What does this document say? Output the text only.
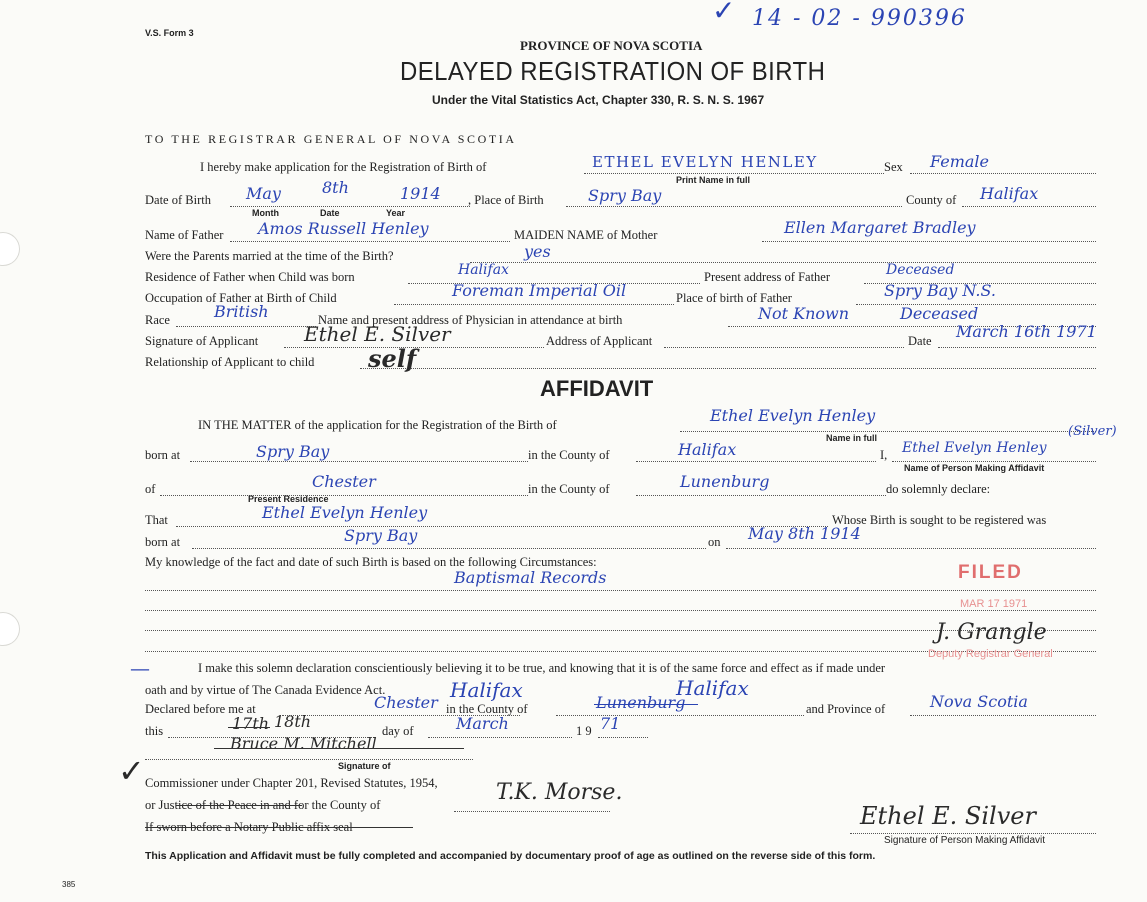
V.S. Form 3
✓ 14 - 02 - 990396
PROVINCE OF NOVA SCOTIA
DELAYED REGISTRATION OF BIRTH
Under the Vital Statistics Act, Chapter 330, R. S. N. S. 1967
TO THE REGISTRAR GENERAL OF NOVA SCOTIA
I hereby make application for the Registration of Birth of	ETHEL EVELYN HENLEY
Print Name in full
Sex Female
Date of Birth May	8th	1914
Month	Date	Year
, Place of Birth	Spry Bay	County of Halifax
Name of Father Amos Russell Henley	MAIDEN NAME of Mother	Ellen Margaret Bradley
Were the Parents married at the time of the Birth?	yes
Residence of Father when Child was born	Halifax	Present address of Father	Deceased
Occupation of Father at Birth of Child	Foreman Imperial Oil	Place of birth of Father	Spry Bay N.S.
Race	British	Name and present address of Physician in attendance at birth	Not Known	Deceased
Signature of Applicant Ethel E. Silver	Address of Applicant	Date March 16th 1971
Relationship of Applicant to child self
AFFIDAVIT
IN THE MATTER of the application for the Registration of the Birth of	Ethel Evelyn Henley
Name in full
born at	Spry Bay	in the County of	Halifax	I, Ethel Evelyn Henley
(Silver)
Name of Person Making Affidavit
of	Chester	in the County of	Lunenburg	do solemnly declare:
Present Residence
That	Ethel Evelyn Henley	Whose Birth is sought to be registered was
born at	Spry Bay	on May 8th 1914
My knowledge of the fact and date of such Birth is based on the following Circumstances:
Baptismal Records
—	I make this solemn declaration conscientiously believing it to be true, and knowing that it is of the same force and effect as if made under
oath and by virtue of The Canada Evidence Act.
Declared before me at	Chester in the County of
Halifax
Lunenburg
Halifax
and Province of	Nova Scotia
this	17th 18th	day of	March	1 9 71
Bruce M. Mitchell
Signature of
✓ Commissioner under Chapter 201, Revised Statutes, 1954,	T.K. Morse.
or Justice of the Peace in and for the County of
If sworn before a Notary Public affix seal	Ethel E. Silver
Signature of Person Making Affidavit
This Application and Affidavit must be fully completed and accompanied by documentary proof of age as outlined on the reverse side of this form.
385
FILED
MAR 17 1971
J. Grangle
Deputy Registrar General
